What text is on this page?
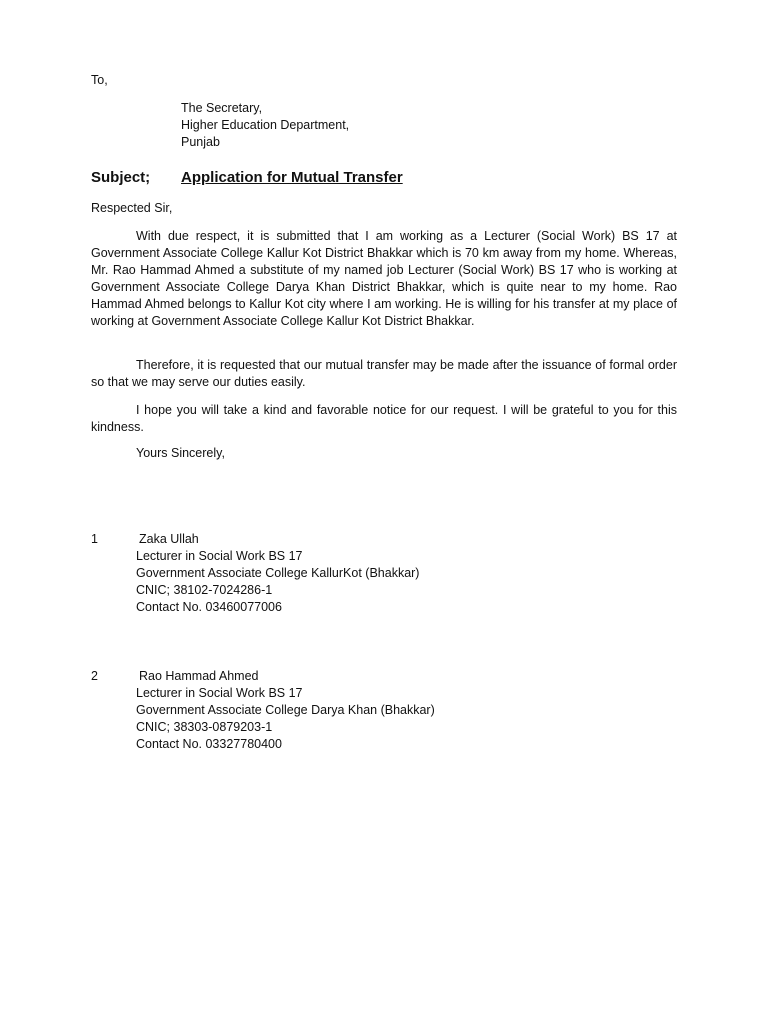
To,
The Secretary,
Higher Education Department,
Punjab
Subject; Application for Mutual Transfer
Respected Sir,

With due respect, it is submitted that I am working as a Lecturer (Social Work) BS 17 at Government Associate College Kallur Kot District Bhakkar which is 70 km away from my home. Whereas, Mr. Rao Hammad Ahmed a substitute of my named job Lecturer (Social Work) BS 17 who is working at Government Associate College Darya Khan District Bhakkar, which is quite near to my home. Rao Hammad Ahmed belongs to Kallur Kot city where I am working. He is willing for his transfer at my place of working at Government Associate College Kallur Kot District Bhakkar.

Therefore, it is requested that our mutual transfer may be made after the issuance of formal order so that we may serve our duties easily.

I hope you will take a kind and favorable notice for our request. I will be grateful to you for this kindness.

Yours Sincerely,
1	Zaka Ullah
Lecturer in Social Work BS 17
Government Associate College KallurKot (Bhakkar)
CNIC; 38102-7024286-1
Contact No. 03460077006
2	Rao Hammad Ahmed
Lecturer in Social Work BS 17
Government Associate College Darya Khan (Bhakkar)
CNIC; 38303-0879203-1
Contact No. 03327780400
